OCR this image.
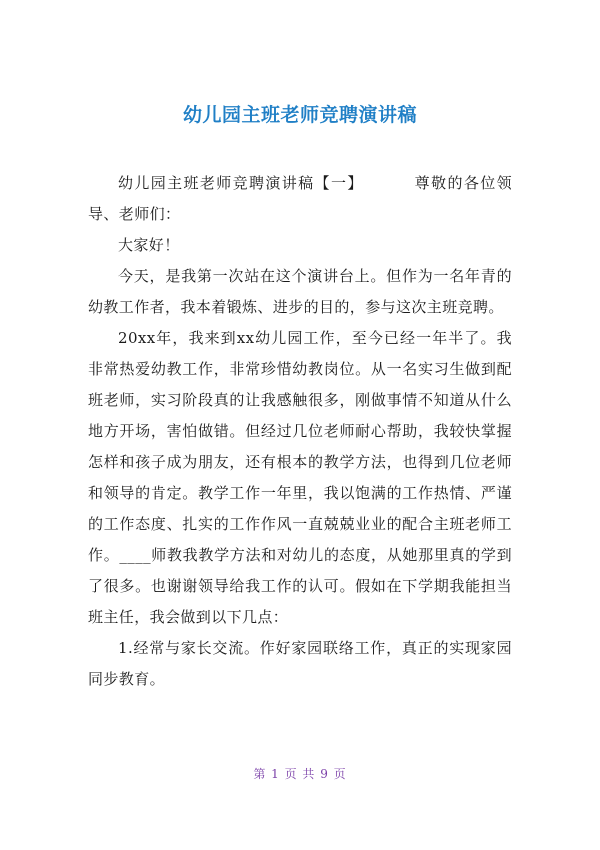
幼儿园主班老师竞聘演讲稿

幼儿园主班老师竞聘演讲稿【一】	尊敬的各位领导、老师们：

大家好！

今天，是我第一次站在这个演讲台上。但作为一名年青的幼教工作者，我本着锻炼、进步的目的，参与这次主班竞聘。

20xx年，我来到xx幼儿园工作，至今已经一年半了。我非常热爱幼教工作，非常珍惜幼教岗位。从一名实习生做到配班老师，实习阶段真的让我感触很多，刚做事情不知道从什么地方开场，害怕做错。但经过几位老师耐心帮助，我较快掌握怎样和孩子成为朋友，还有根本的教学方法，也得到几位老师和领导的肯定。教学工作一年里，我以饱满的工作热情、严谨的工作态度、扎实的工作作风一直兢兢业业的配合主班老师工作。____师教我教学方法和对幼儿的态度，从她那里真的学到了很多。也谢谢领导给我工作的认可。假如在下学期我能担当班主任，我会做到以下几点：

1.经常与家长交流。作好家园联络工作，真正的实现家园同步教育。

第 1 页 共 9 页
